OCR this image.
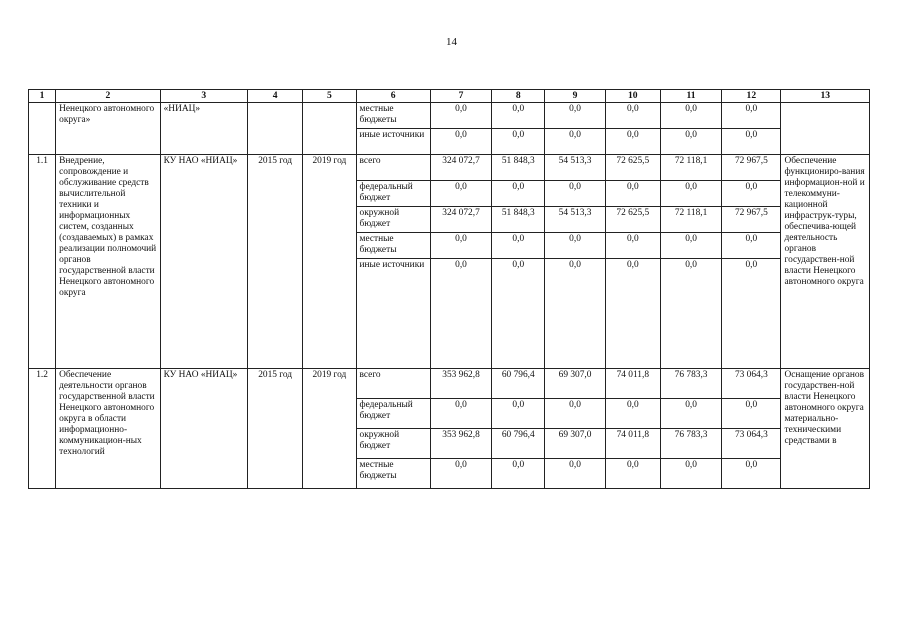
14
1	2	3	4	5	6	7	8	9	10	11	12	13
	Ненецкого автономного округа»	«НИАЦ»			местные бюджеты	0,0	0,0	0,0	0,0	0,0	0,0	
					иные источники	0,0	0,0	0,0	0,0	0,0	0,0	
1.1	Внедрение, сопровождение и обслуживание средств вычислительной техники и информационных систем, созданных (создаваемых) в рамках реализации полномочий органов государственной власти Ненецкого автономного округа	КУ НАО «НИАЦ»	2015 год	2019 год	всего	324 072,7	51 848,3	54 513,3	72 625,5	72 118,1	72 967,5	Обеспечение функциониро-вания информацион-ной и телекоммуни-кационной инфраструк-туры, обеспечива-ющей деятельность органов государствен-ной власти Ненецкого автономного округа
					федеральный бюджет	0,0	0,0	0,0	0,0	0,0	0,0	
					окружной бюджет	324 072,7	51 848,3	54 513,3	72 625,5	72 118,1	72 967,5	
					местные бюджеты	0,0	0,0	0,0	0,0	0,0	0,0	
					иные источники	0,0	0,0	0,0	0,0	0,0	0,0	
1.2	Обеспечение деятельности органов государственной власти Ненецкого автономного округа в области информационно-коммуникацион-ных технологий	КУ НАО «НИАЦ»	2015 год	2019 год	всего	353 962,8	60 796,4	69 307,0	74 011,8	76 783,3	73 064,3	Оснащение органов государствен-ной власти Ненецкого автономного округа материально-техническими средствами в
					федеральный бюджет	0,0	0,0	0,0	0,0	0,0	0,0	
					окружной бюджет	353 962,8	60 796,4	69 307,0	74 011,8	76 783,3	73 064,3	
					местные бюджеты	0,0	0,0	0,0	0,0	0,0	0,0	
